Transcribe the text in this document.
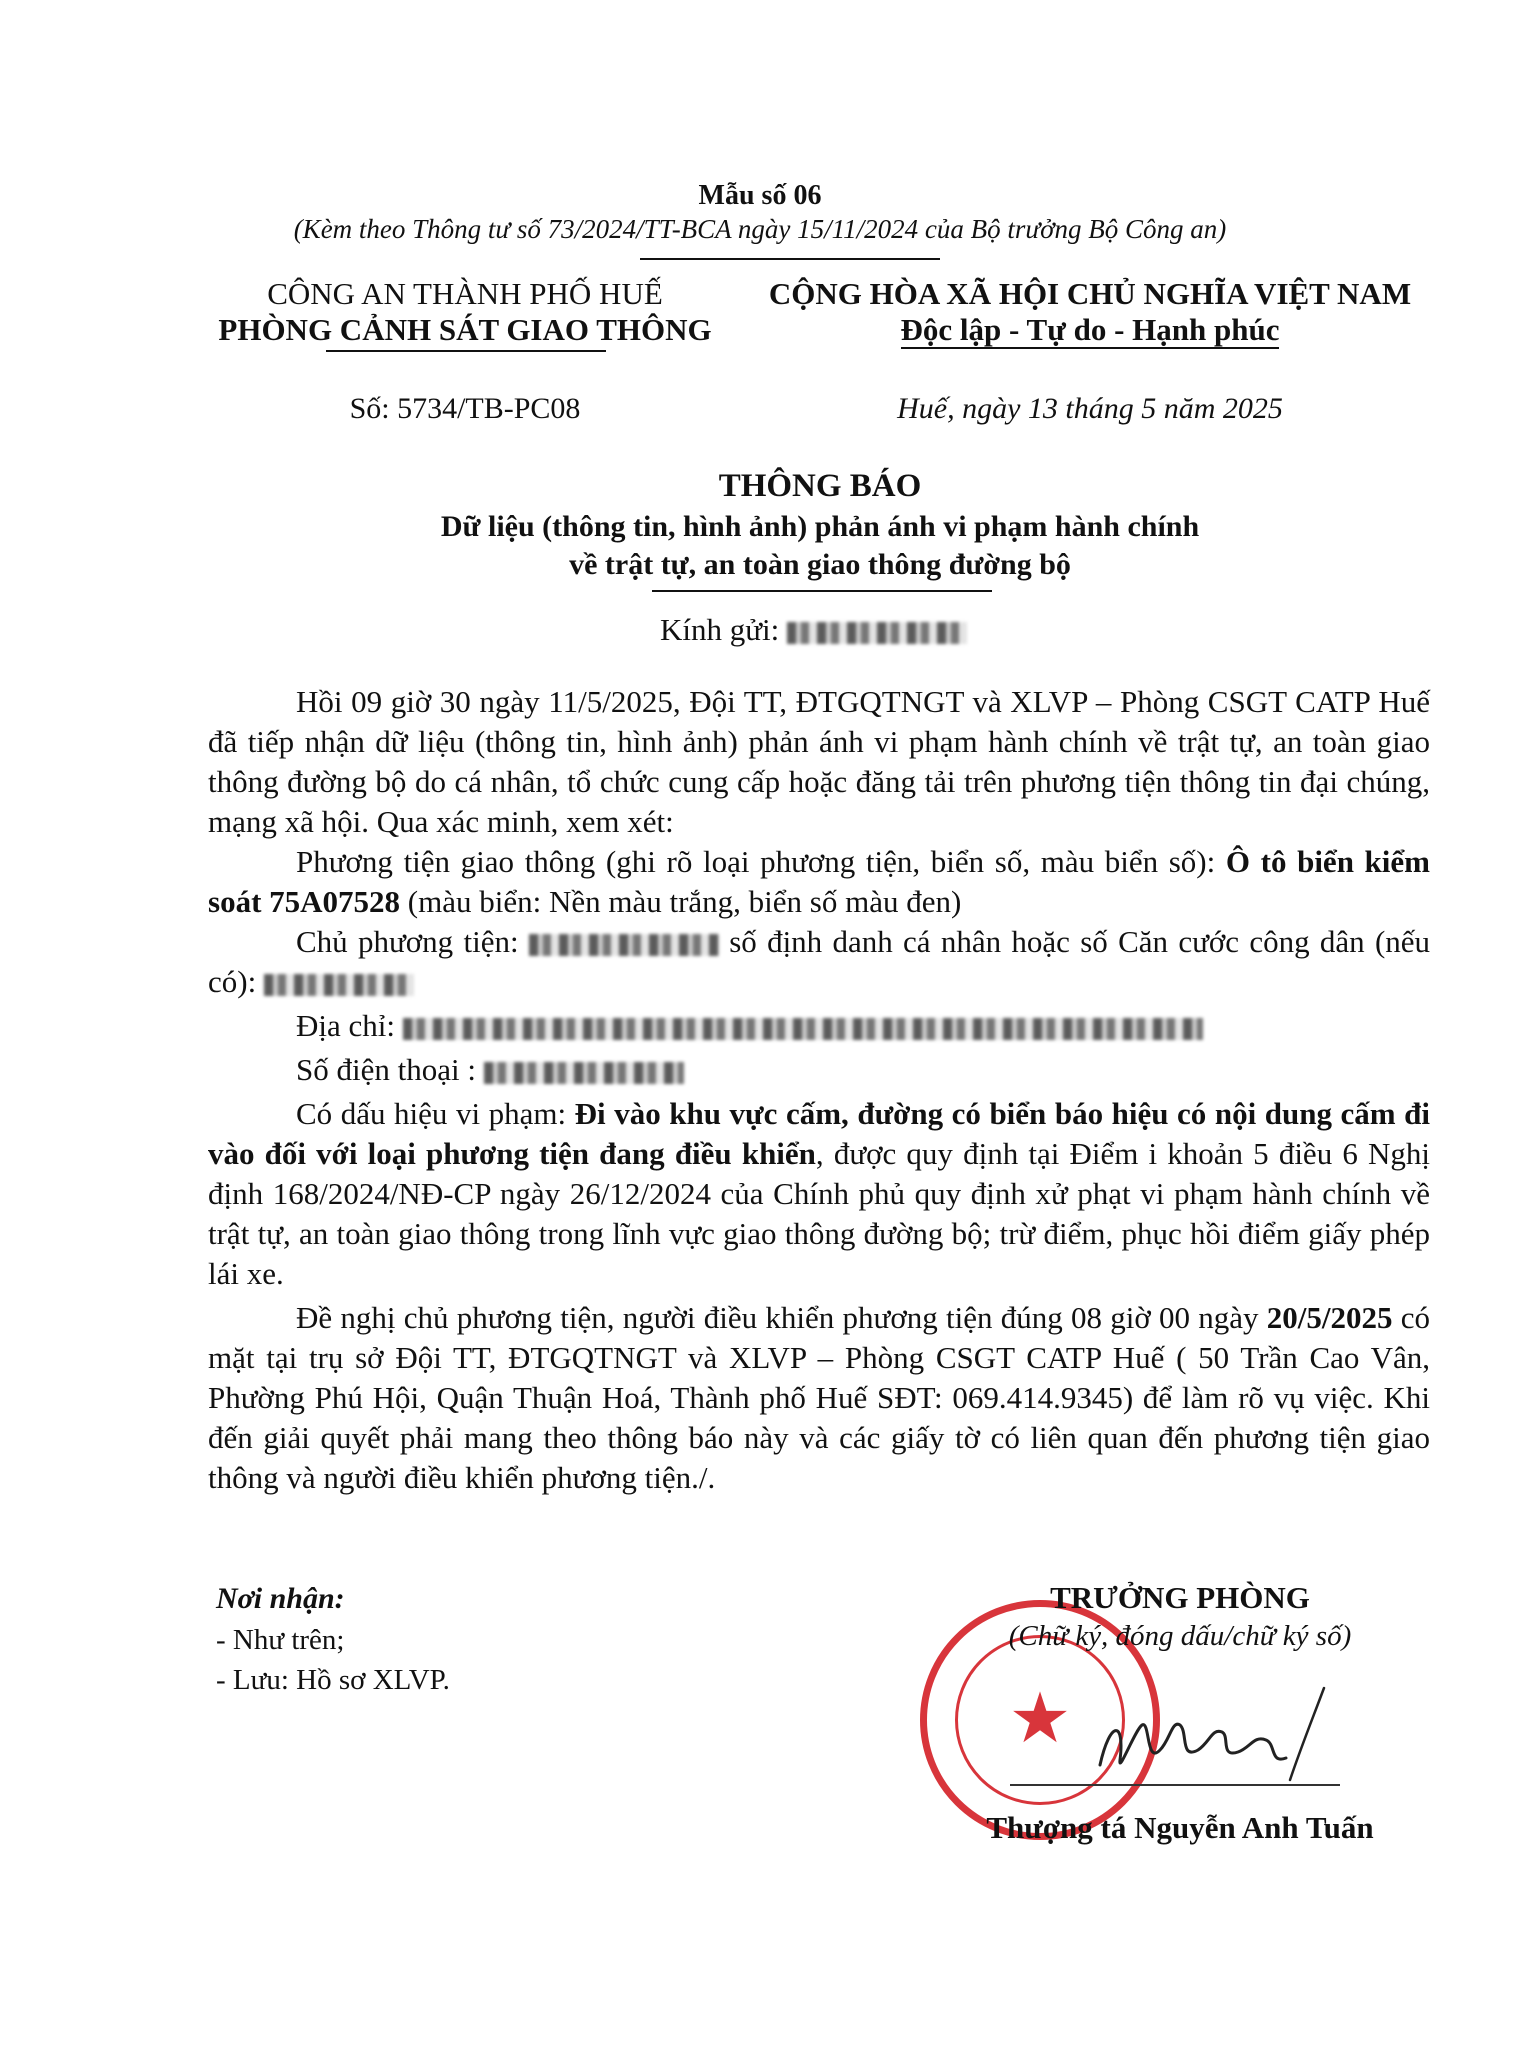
Mẫu số 06
(Kèm theo Thông tư số 73/2024/TT-BCA ngày 15/11/2024 của Bộ trưởng Bộ Công an)
CÔNG AN THÀNH PHỐ HUẾ
PHÒNG CẢNH SÁT GIAO THÔNG
CỘNG HÒA XÃ HỘI CHỦ NGHĨA VIỆT NAM
Độc lập - Tự do - Hạnh phúc
Số: 5734/TB-PC08	Huế, ngày 13 tháng 5 năm 2025
THÔNG BÁO
Dữ liệu (thông tin, hình ảnh) phản ánh vi phạm hành chính
về trật tự, an toàn giao thông đường bộ
Kính gửi:

Hồi 09 giờ 30 ngày 11/5/2025, Đội TT, ĐTGQTNGT và XLVP – Phòng CSGT CATP Huế đã tiếp nhận dữ liệu (thông tin, hình ảnh) phản ánh vi phạm hành chính về trật tự, an toàn giao thông đường bộ do cá nhân, tổ chức cung cấp hoặc đăng tải trên phương tiện thông tin đại chúng, mạng xã hội. Qua xác minh, xem xét:

Phương tiện giao thông (ghi rõ loại phương tiện, biển số, màu biển số): Ô tô biển kiểm soát 75A07528 (màu biển: Nền màu trắng, biển số màu đen)

Chủ phương tiện:	số định danh cá nhân hoặc số Căn cước công dân (nếu có):

Địa chỉ:

Số điện thoại :

Có dấu hiệu vi phạm: Đi vào khu vực cấm, đường có biển báo hiệu có nội dung cấm đi vào đối với loại phương tiện đang điều khiển, được quy định tại Điểm i khoản 5 điều 6 Nghị định 168/2024/NĐ-CP ngày 26/12/2024 của Chính phủ quy định xử phạt vi phạm hành chính về trật tự, an toàn giao thông trong lĩnh vực giao thông đường bộ; trừ điểm, phục hồi điểm giấy phép lái xe.

Đề nghị chủ phương tiện, người điều khiển phương tiện đúng 08 giờ 00 ngày 20/5/2025 có mặt tại trụ sở Đội TT, ĐTGQTNGT và XLVP – Phòng CSGT CATP Huế ( 50 Trần Cao Vân, Phường Phú Hội, Quận Thuận Hoá, Thành phố Huế SĐT: 069.414.9345) để làm rõ vụ việc. Khi đến giải quyết phải mang theo thông báo này và các giấy tờ có liên quan đến phương tiện giao thông và người điều khiển phương tiện./.

Nơi nhận:
- Như trên;
- Lưu: Hồ sơ XLVP.
★
TRƯỞNG PHÒNG
(Chữ ký, đóng dấu/chữ ký số)
Thượng tá Nguyễn Anh Tuấn
